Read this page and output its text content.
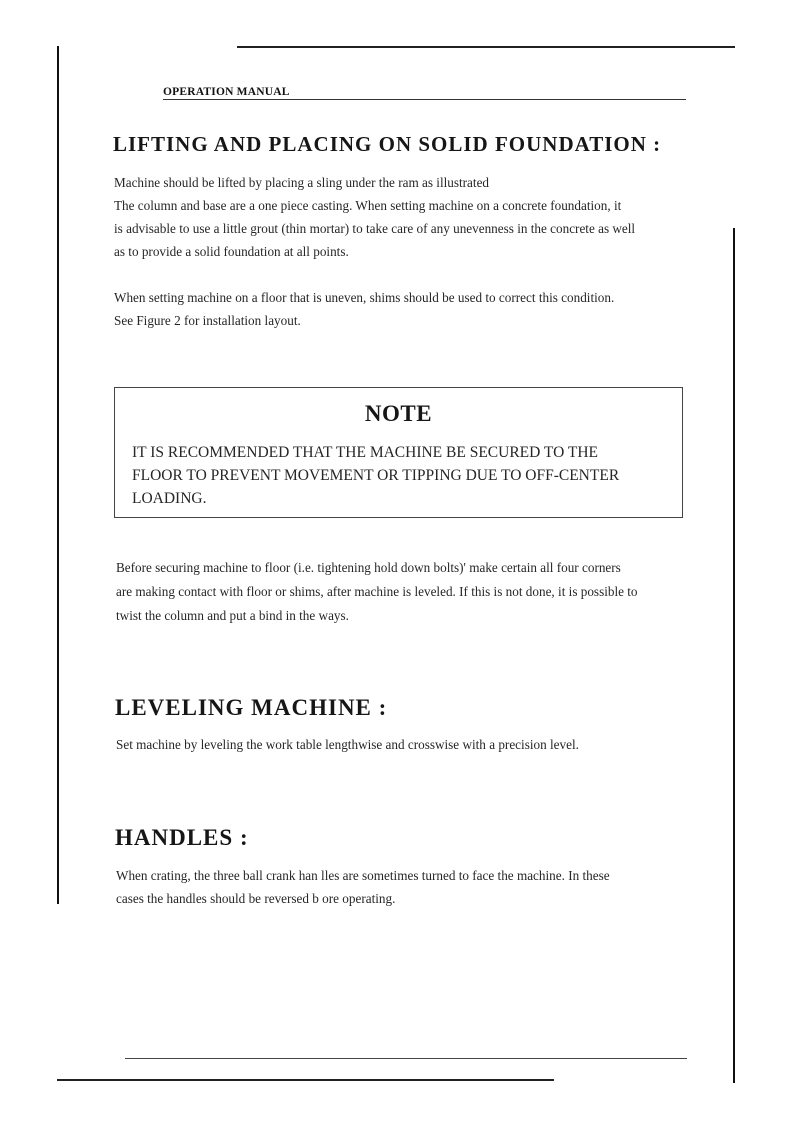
OPERATION MANUAL
LIFTING AND PLACING ON SOLID FOUNDATION :
Machine should be lifted by placing a sling under the ram as illustrated
The column and base are a one piece casting. When setting machine on a concrete foundation, it
is advisable to use a little grout (thin mortar) to take care of any unevenness in the concrete as well
as to provide a solid foundation at all points.
When setting machine on a floor that is uneven, shims should be used to correct this condition.
See Figure 2 for installation layout.
NOTE
IT IS RECOMMENDED THAT THE MACHINE BE SECURED TO THE
FLOOR TO PREVENT MOVEMENT OR TIPPING DUE TO OFF-CENTER
LOADING.
Before securing machine to floor (i.e. tightening hold down bolts)' make certain all four corners
are making contact with floor or shims, after machine is leveled. If this is not done, it is possible to
twist the column and put a bind in the ways.
LEVELING MACHINE :
Set machine by leveling the work table lengthwise and crosswise with a precision level.
HANDLES :
When crating, the three ball crank han lles are sometimes turned to face the machine. In these
cases the handles should be reversed b ore operating.
